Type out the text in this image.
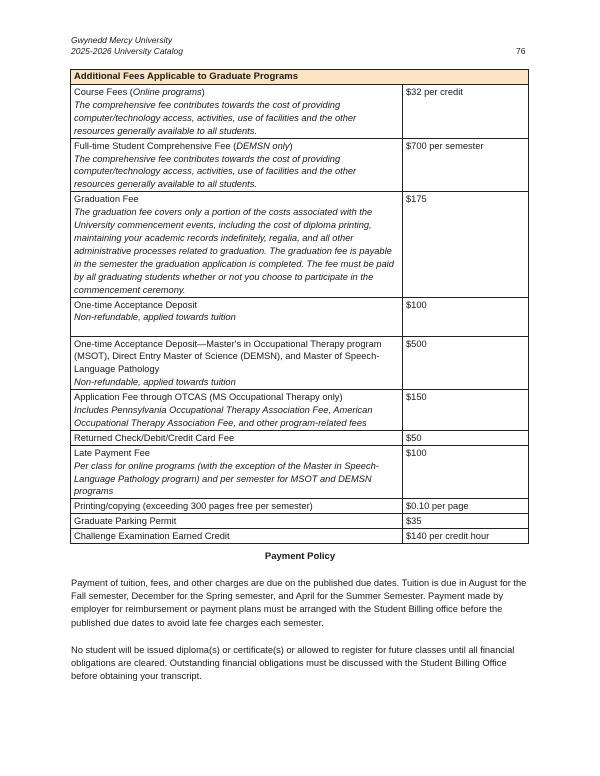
Gwynedd Mercy University
2025-2026 University Catalog	76
Additional Fees Applicable to Graduate Programs	

Course Fees (Online programs)
The comprehensive fee contributes towards the cost of providing computer/technology access, activities, use of facilities and the other resources generally available to all students.	$32 per credit

Full-time Student Comprehensive Fee (DEMSN only)
The comprehensive fee contributes towards the cost of providing computer/technology access, activities, use of facilities and the other resources generally available to all students.	$700 per semester

Graduation Fee
The graduation fee covers only a portion of the costs associated with the University commencement events, including the cost of diploma printing, maintaining your academic records indefinitely, regalia, and all other administrative processes related to graduation. The graduation fee is payable in the semester the graduation application is completed. The fee must be paid by all graduating students whether or not you choose to participate in the commencement ceremony.	$175

One-time Acceptance Deposit
Non-refundable, applied towards tuition	$100

One-time Acceptance Deposit—Master's in Occupational Therapy program (MSOT), Direct Entry Master of Science (DEMSN), and Master of Speech-Language Pathology
Non-refundable, applied towards tuition	$500

Application Fee through OTCAS (MS Occupational Therapy only)
Includes Pennsylvania Occupational Therapy Association Fee, American Occupational Therapy Association Fee, and other program-related fees	$150

Returned Check/Debit/Credit Card Fee	$50

Late Payment Fee
Per class for online programs (with the exception of the Master in Speech-Language Pathology program) and per semester for MSOT and DEMSN programs	$100

Printing/copying (exceeding 300 pages free per semester)	$0.10 per page

Graduate Parking Permit	$35

Challenge Examination Earned Credit	$140 per credit hour
Payment Policy
Payment of tuition, fees, and other charges are due on the published due dates. Tuition is due in August for the Fall semester, December for the Spring semester, and April for the Summer Semester. Payment made by employer for reimbursement or payment plans must be arranged with the Student Billing office before the published due dates to avoid late fee charges each semester.
No student will be issued diploma(s) or certificate(s) or allowed to register for future classes until all financial obligations are cleared. Outstanding financial obligations must be discussed with the Student Billing Office before obtaining your transcript.
